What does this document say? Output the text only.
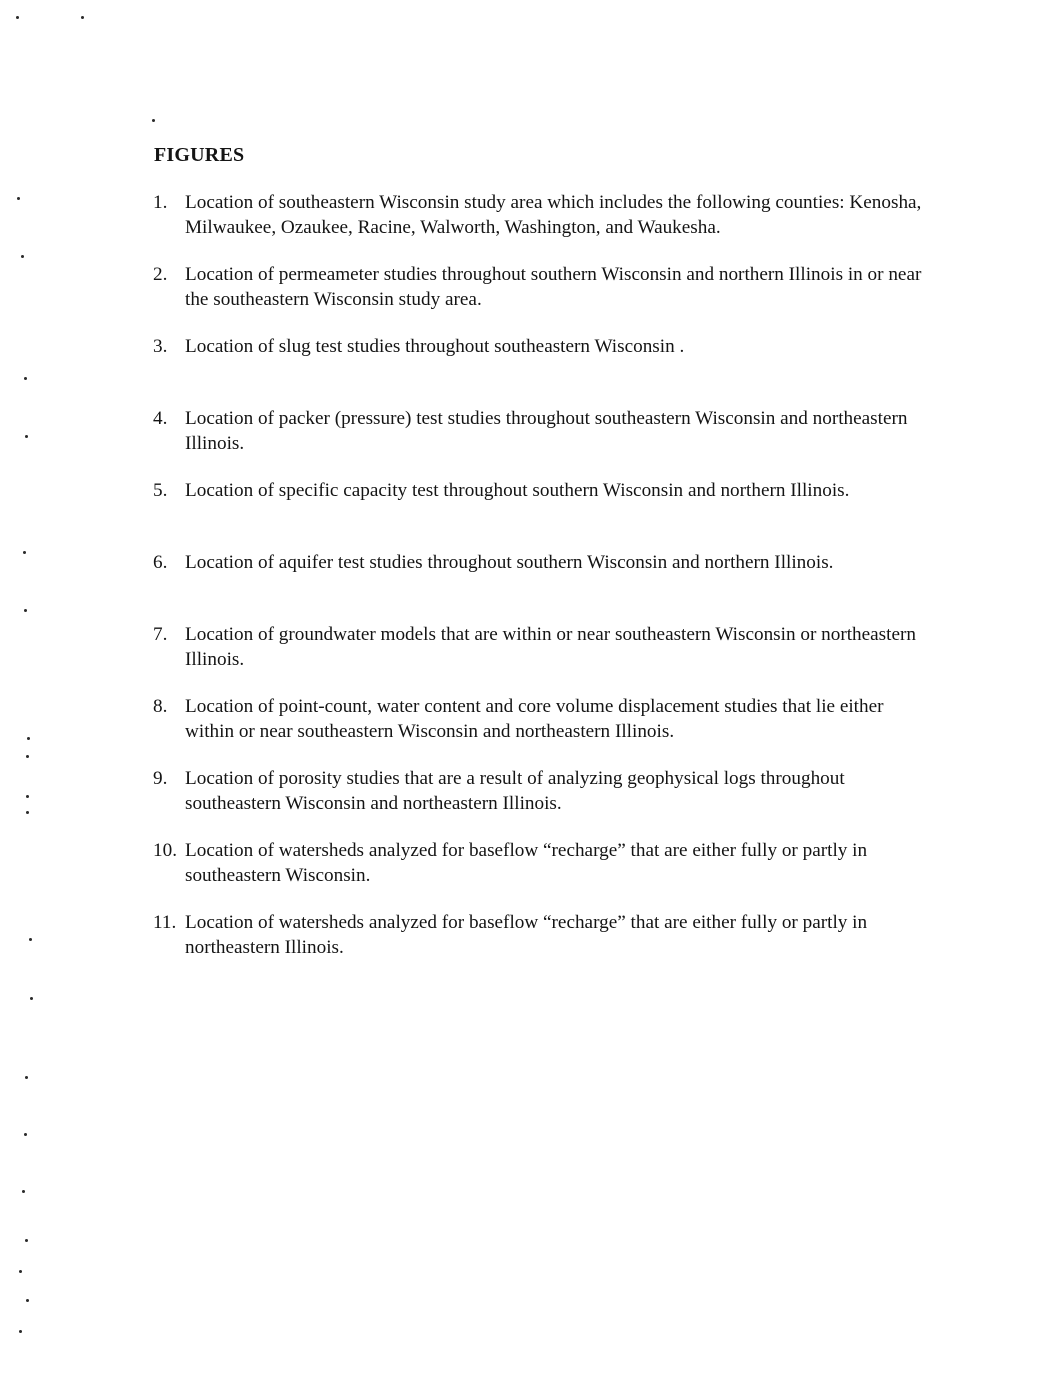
FIGURES
1. Location of southeastern Wisconsin study area which includes the following counties: Kenosha, Milwaukee, Ozaukee, Racine, Walworth, Washington, and Waukesha.
2. Location of permeameter studies throughout southern Wisconsin and northern Illinois in or near the southeastern Wisconsin study area.
3. Location of slug test studies throughout southeastern Wisconsin .
4. Location of packer (pressure) test studies throughout southeastern Wisconsin and northeastern Illinois.
5. Location of specific capacity test throughout southern Wisconsin and northern Illinois.
6. Location of aquifer test studies throughout southern Wisconsin and northern Illinois.
7. Location of groundwater models that are within or near southeastern Wisconsin or northeastern Illinois.
8. Location of point-count, water content and core volume displacement studies that lie either within or near southeastern Wisconsin and northeastern Illinois.
9. Location of porosity studies that are a result of analyzing geophysical logs throughout southeastern Wisconsin and northeastern Illinois.
10. Location of watersheds analyzed for baseflow “recharge” that are either fully or partly in southeastern Wisconsin.
11. Location of watersheds analyzed for baseflow “recharge” that are either fully or partly in northeastern Illinois.
